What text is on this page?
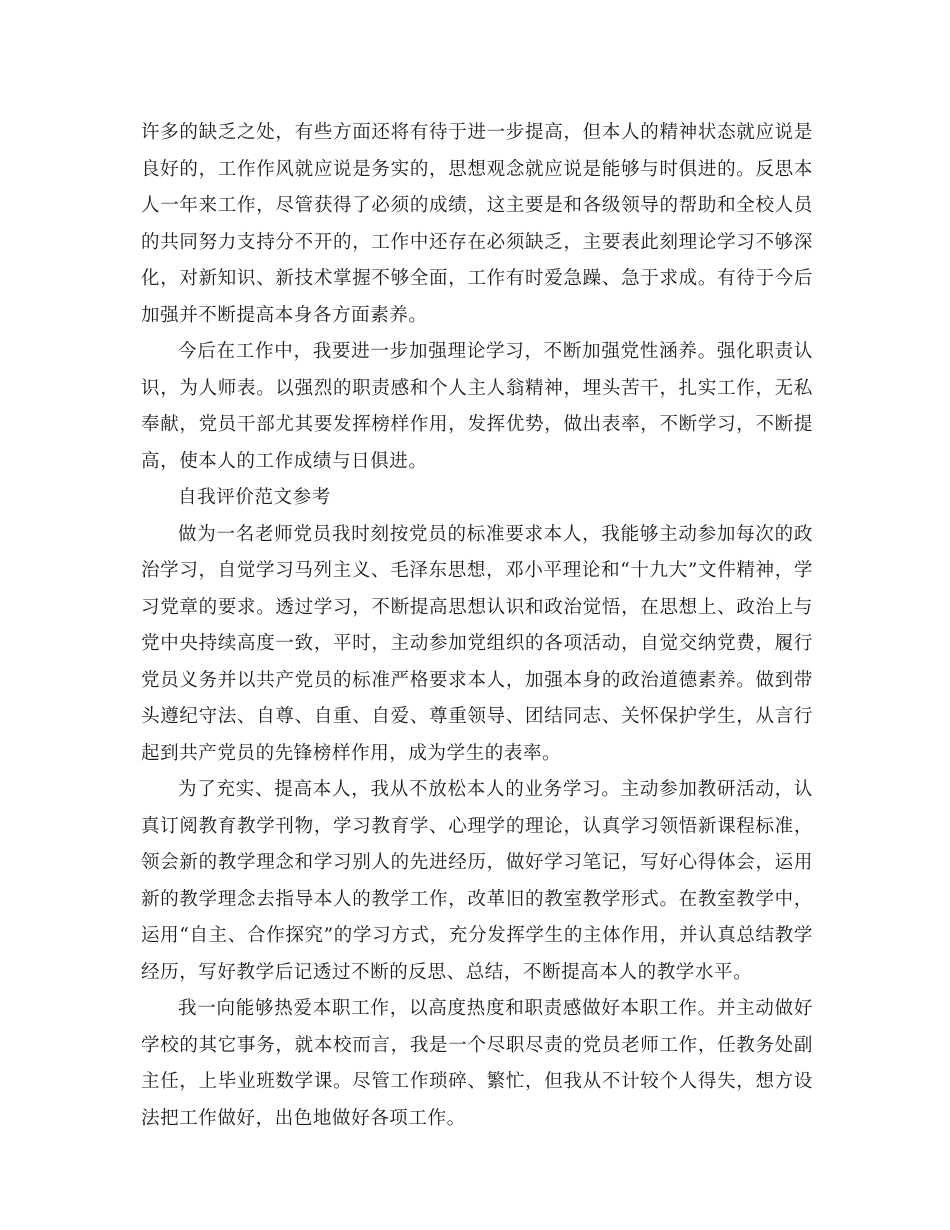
许多的缺乏之处，有些方面还将有待于进一步提高，但本人的精神状态就应说是良好的，工作作风就应说是务实的，思想观念就应说是能够与时俱进的。反思本人一年来工作，尽管获得了必须的成绩，这主要是和各级领导的帮助和全校人员的共同努力支持分不开的，工作中还存在必须缺乏，主要表此刻理论学习不够深化，对新知识、新技术掌握不够全面，工作有时爱急躁、急于求成。有待于今后加强并不断提高本身各方面素养。

今后在工作中，我要进一步加强理论学习，不断加强党性涵养。强化职责认识，为人师表。以强烈的职责感和个人主人翁精神，埋头苦干，扎实工作，无私奉献，党员干部尤其要发挥榜样作用，发挥优势，做出表率，不断学习，不断提高，使本人的工作成绩与日俱进。

自我评价范文参考

做为一名老师党员我时刻按党员的标准要求本人，我能够主动参加每次的政治学习，自觉学习马列主义、毛泽东思想，邓小平理论和“十九大”文件精神，学习党章的要求。透过学习，不断提高思想认识和政治觉悟，在思想上、政治上与党中央持续高度一致，平时，主动参加党组织的各项活动，自觉交纳党费，履行党员义务并以共产党员的标准严格要求本人，加强本身的政治道德素养。做到带头遵纪守法、自尊、自重、自爱、尊重领导、团结同志、关怀保护学生，从言行起到共产党员的先锋榜样作用，成为学生的表率。

为了充实、提高本人，我从不放松本人的业务学习。主动参加教研活动，认真订阅教育教学刊物，学习教育学、心理学的理论，认真学习领悟新课程标准，领会新的教学理念和学习别人的先进经历，做好学习笔记，写好心得体会，运用新的教学理念去指导本人的教学工作，改革旧的教室教学形式。在教室教学中，运用“自主、合作探究”的学习方式，充分发挥学生的主体作用，并认真总结教学经历，写好教学后记透过不断的反思、总结，不断提高本人的教学水平。

我一向能够热爱本职工作，以高度热度和职责感做好本职工作。并主动做好学校的其它事务，就本校而言，我是一个尽职尽责的党员老师工作，任教务处副主任，上毕业班数学课。尽管工作琐碎、繁忙，但我从不计较个人得失，想方设法把工作做好，出色地做好各项工作。
